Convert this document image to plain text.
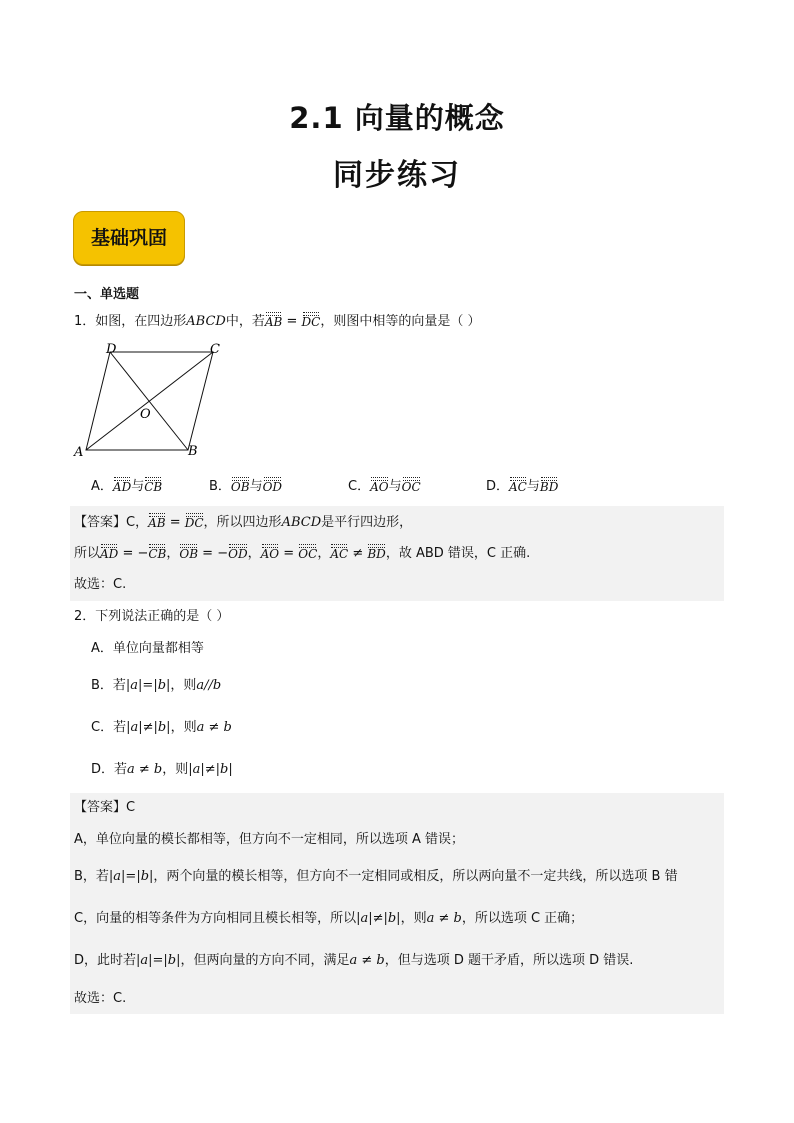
2.1 向量的概念
同步练习
基础巩固
一、单选题
1．如图，在四边形ABCD中，若AB = DC，则图中相等的向量是（ ）
A	B
C
D
O
A．AD与CB	B．OB与OD	C．AO与OC	D．AC与BD
【答案】C，AB = DC，所以四边形ABCD是平行四边形，
所以AD = −CB，OB = −OD，AO = OC，AC ≠ BD，故 ABD 错误，C 正确.
故选：C.
2．下列说法正确的是（ ）
A．单位向量都相等
B．若|a|=|b|，则a//b
C．若|a|≠|b|，则a ≠ b
D．若a ≠ b，则|a|≠|b|
【答案】C
A，单位向量的模长都相等，但方向不一定相同，所以选项 A 错误；
B，若|a|=|b|，两个向量的模长相等，但方向不一定相同或相反，所以两向量不一定共线，所以选项 B 错
C，向量的相等条件为方向相同且模长相等，所以|a|≠|b|，则a ≠ b，所以选项 C 正确；
D，此时若|a|=|b|，但两向量的方向不同，满足a ≠ b，但与选项 D 题干矛盾，所以选项 D 错误.
故选：C.
